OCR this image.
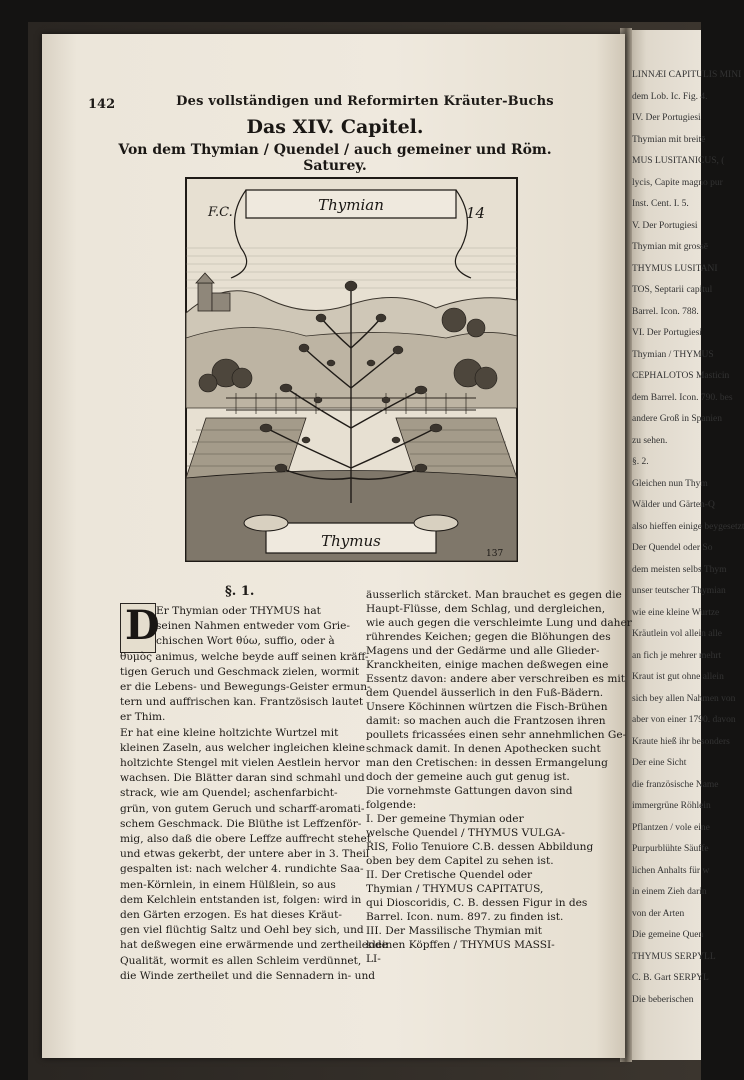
LINNÆI CAPITULIS MINI
dem Lob. Ic. Fig. 4.
IV. Der Portugiesi
Thymian mit breitē
MUS LUSITANICUS, (
lycis, Capite magno pur
Inst. Cent. I. 5.
V. Der Portugiesi
Thymian mit grossē
THYMUS LUSITANI
TOS, Septarii capitul
Barrel. Icon. 788.
VI. Der Portugiesi
Thymian / THYMUS
CEPHALOTOS Masticin
dem Barrel. Icon. 790. bes
andere Groß in Spanien
zu sehen.
§. 2.
Gleichen nun Thym
Wälder und Gärten-Q
also hieffen einige beygesetzt
Der Quendel oder So
dem meisten selbs Thym
unser teutscher Thymian
wie eine kleine Wurtze
Kräutlein vol allein alle
an fich je mehrer mehrt
Kraut ist gut ohne allein
sich bey allen Nahmen von
aber von einer 1790. davon
Kraute hieß ihr besonders
Der eine Sicht
die französische Name
immergrüne Röhlein
Pflantzen / vole eine
Purpurblühte Säuffe
lichen Anhalts für w
in einem Zieh darin
von der Arten
Die gemeine Quen
THYMUS SERPYLL
C. B. Gart SERPYL
Die beberischen
142	Des vollständigen und Reformirten Kräuter-Buchs
Das XIV. Capitel.
Von dem Thymian / Quendel / auch gemeiner und Röm. Saturey.
Thymian
F.C.	14
Thymus
137
§. 1.
D
Er Thymian oder THYMUS hat
seinen Nahmen entweder vom Grie-
chischen Wort θύω, suffio, oder à
θυμὸς animus, welche beyde auff seinen kräff-
tigen Geruch und Geschmack zielen, wormit
er die Lebens- und Bewegungs-Geister ermun-
tern und auffrischen kan. Frantzösisch lautet
er Thim.
Er hat eine kleine holtzichte Wurtzel mit
kleinen Zaseln, aus welcher ingleichen kleine
holtzichte Stengel mit vielen Aestlein hervor
wachsen. Die Blätter daran sind schmahl und
strack, wie am Quendel; aschenfarbicht-
grün, von gutem Geruch und scharff-aromati-
schem Geschmack. Die Blüthe ist Leffzenför-
mig, also daß die obere Leffze auffrecht stehet
und etwas gekerbt, der untere aber in 3. Theil
gespalten ist: nach welcher 4. rundichte Saa-
men-Körnlein, in einem Hülßlein, so aus
dem Kelchlein entstanden ist, folgen: wird in
den Gärten erzogen. Es hat dieses Kräut-
gen viel flüchtig Saltz und Oehl bey sich, und
hat deßwegen eine erwärmende und zertheilende
Qualität, wormit es allen Schleim verdünnet,
die Winde zertheilet und die Sennadern in- und
äusserlich stärcket. Man brauchet es gegen die
Haupt-Flüsse, dem Schlag, und dergleichen,
wie auch gegen die verschleimte Lung und daher
rührendes Keichen; gegen die Blöhungen des
Magens und der Gedärme und alle Glieder-
Kranckheiten, einige machen deßwegen eine
Essentz davon: andere aber verschreiben es mit
dem Quendel äusserlich in den Fuß-Bädern.
Unsere Köchinnen würtzen die Fisch-Brühen
damit: so machen auch die Frantzosen ihren
poullets fricassées einen sehr annehmlichen Ge-
schmack damit. In denen Apothecken sucht
man den Cretischen: in dessen Ermangelung
doch der gemeine auch gut genug ist.
Die vornehmste Gattungen davon sind
folgende:
I. Der gemeine Thymian oder
welsche Quendel / THYMUS VULGA-
RIS, Folio Tenuiore C.B. dessen Abbildung
oben bey dem Capitel zu sehen ist.
II. Der Cretische Quendel oder
Thymian / THYMUS CAPITATUS,
qui Dioscoridis, C. B. dessen Figur in des
Barrel. Icon. num. 897. zu finden ist.
III. Der Massilische Thymian mit
kleinen Köpffen / THYMUS MASSI-
LI-
